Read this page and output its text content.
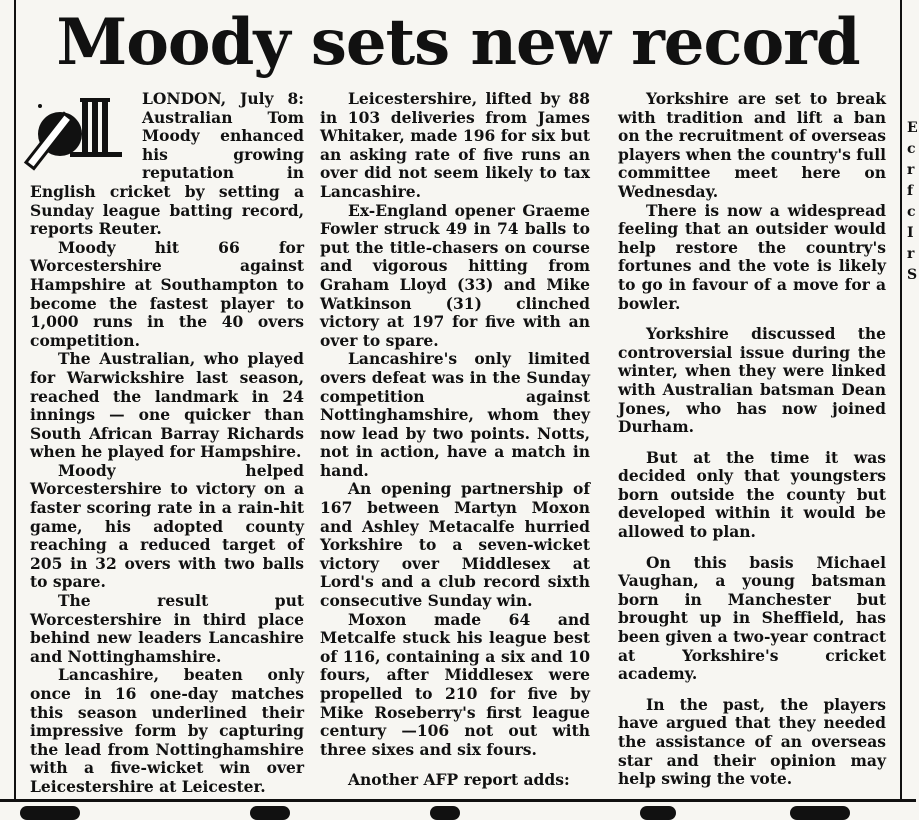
Moody sets new record
LONDON, July 8: Australian Tom Moody enhanced his growing reputation in English cricket by setting a Sunday league batting record, reports Reuter.

Moody hit 66 for Worcestershire against Hampshire at Southampton to become the fastest player to 1,000 runs in the 40 overs competition.

The Australian, who played for Warwickshire last season, reached the landmark in 24 innings — one quicker than South African Barray Richards when he played for Hampshire.

Moody helped Worcestershire to victory on a faster scoring rate in a rain-hit game, his adopted county reaching a reduced target of 205 in 32 overs with two balls to spare.

The result put Worcestershire in third place behind new leaders Lancashire and Nottinghamshire.

Lancashire, beaten only once in 16 one-day matches this season underlined their impressive form by capturing the lead from Nottinghamshire with a five-wicket win over Leicestershire at Leicester.

Leicestershire, lifted by 88 in 103 deliveries from James Whitaker, made 196 for six but an asking rate of five runs an over did not seem likely to tax Lancashire.

Ex-England opener Graeme Fowler struck 49 in 74 balls to put the title-chasers on course and vigorous hitting from Graham Lloyd (33) and Mike Watkinson (31) clinched victory at 197 for five with an over to spare.

Lancashire's only limited overs defeat was in the Sunday competition against Nottinghamshire, whom they now lead by two points. Notts, not in action, have a match in hand.

An opening partnership of 167 between Martyn Moxon and Ashley Metacalfe hurried Yorkshire to a seven-wicket victory over Middlesex at Lord's and a club record sixth consecutive Sunday win.

Moxon made 64 and Metcalfe stuck his league best of 116, containing a six and 10 fours, after Middlesex were propelled to 210 for five by Mike Roseberry's first league century —106 not out with three sixes and six fours.

Another AFP report adds:

Yorkshire are set to break with tradition and lift a ban on the recruitment of overseas players when the country's full committee meet here on Wednesday.

There is now a widespread feeling that an outsider would help restore the country's fortunes and the vote is likely to go in favour of a move for a bowler.

Yorkshire discussed the controversial issue during the winter, when they were linked with Australian batsman Dean Jones, who has now joined Durham.

But at the time it was decided only that youngsters born outside the county but developed within it would be allowed to plan.

On this basis Michael Vaughan, a young batsman born in Manchester but brought up in Sheffield, has been given a two-year contract at Yorkshire's cricket academy.

In the past, the players have argued that they needed the assistance of an overseas star and their opinion may help swing the vote.

E
c
r
f
c
I
r
S
